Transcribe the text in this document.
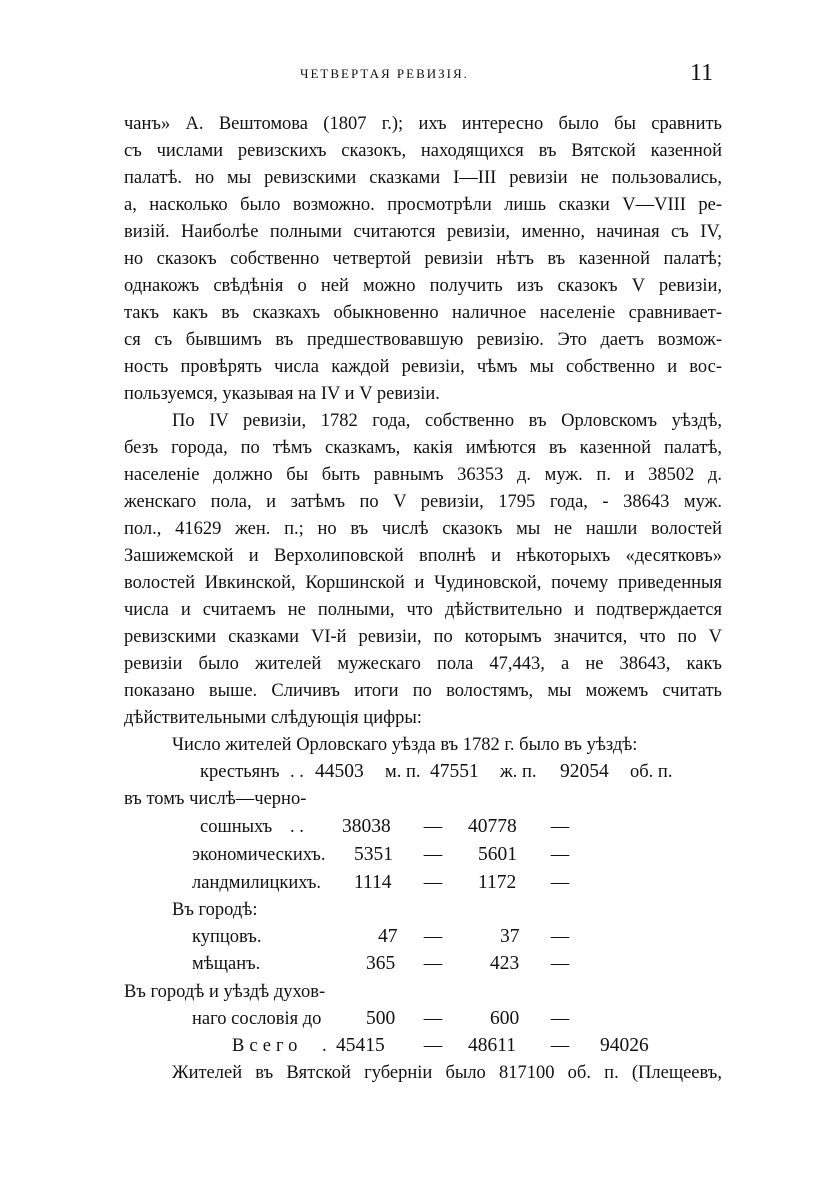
ЧЕТВЕРТАЯ РЕВИЗІЯ.	11
чанъ» А. Вештомова (1807 г.); ихъ интересно было бы сравнить
съ числами ревизскихъ сказокъ, находящихся въ Вятской казенной
палатѣ. но мы ревизскими сказками I—III ревизіи не пользовались,
а, насколько было возможно. просмотрѣли лишь сказки V—VIII ре-
визій. Наиболѣе полными считаются ревизіи, именно, начиная съ IV,
но сказокъ собственно четвертой ревизіи нѣтъ въ казенной палатѣ;
однакожъ свѣдѣнія о ней можно получить изъ сказокъ V ревизіи,
такъ какъ въ сказкахъ обыкновенно наличное населеніе сравнивает-
ся съ бывшимъ въ предшествовавшую ревизію. Это даетъ возмож-
ность провѣрять числа каждой ревизіи, чѣмъ мы собственно и вос-
пользуемся, указывая на IV и V ревизіи.
По IV ревизіи, 1782 года, собственно въ Орловскомъ уѣздѣ,
безъ города, по тѣмъ сказкамъ, какія имѣются въ казенной палатѣ,
населеніе должно бы быть равнымъ 36353 д. муж. п. и 38502 д.
женскаго пола, и затѣмъ по V ревизіи, 1795 года, - 38643 муж.
пол., 41629 жен. п.; но въ числѣ сказокъ мы не нашли волостей
Зашижемской и Верхолиповской вполнѣ и нѣкоторыхъ «десятковъ»
волостей Ивкинской, Коршинской и Чудиновской, почему приведенныя
числа и считаемъ не полными, что дѣйствительно и подтверждается
ревизскими сказками VI-й ревизіи, по которымъ значится, что по V
ревизіи было жителей мужескаго пола 47,443, а не 38643, какъ
показано выше. Сличивъ итоги по волостямъ, мы можемъ считать
дѣйствительными слѣдующія цифры:
Число жителей Орловскаго уѣзда въ 1782 г. было въ уѣздѣ:
крестьянъ . . 44503 м. п. 47551 ж. п. 92054 об. п.
въ томъ числѣ—черно-
сошныхъ . . 38038	— 40778	—
экономическихъ. 5351	— 5601	—
ландмилицкихъ. 1114	— 1172	—
Въ городѣ:
купцовъ.	47	—	37	—
мѣщанъ.	365	— 423	—
Въ городѣ и уѣздѣ духов-
наго сословія до 500	— 600	—
Всего . 45415	— 48611	— 94026
Жителей въ Вятской губерніи было 817100 об. п. (Плещеевъ,
